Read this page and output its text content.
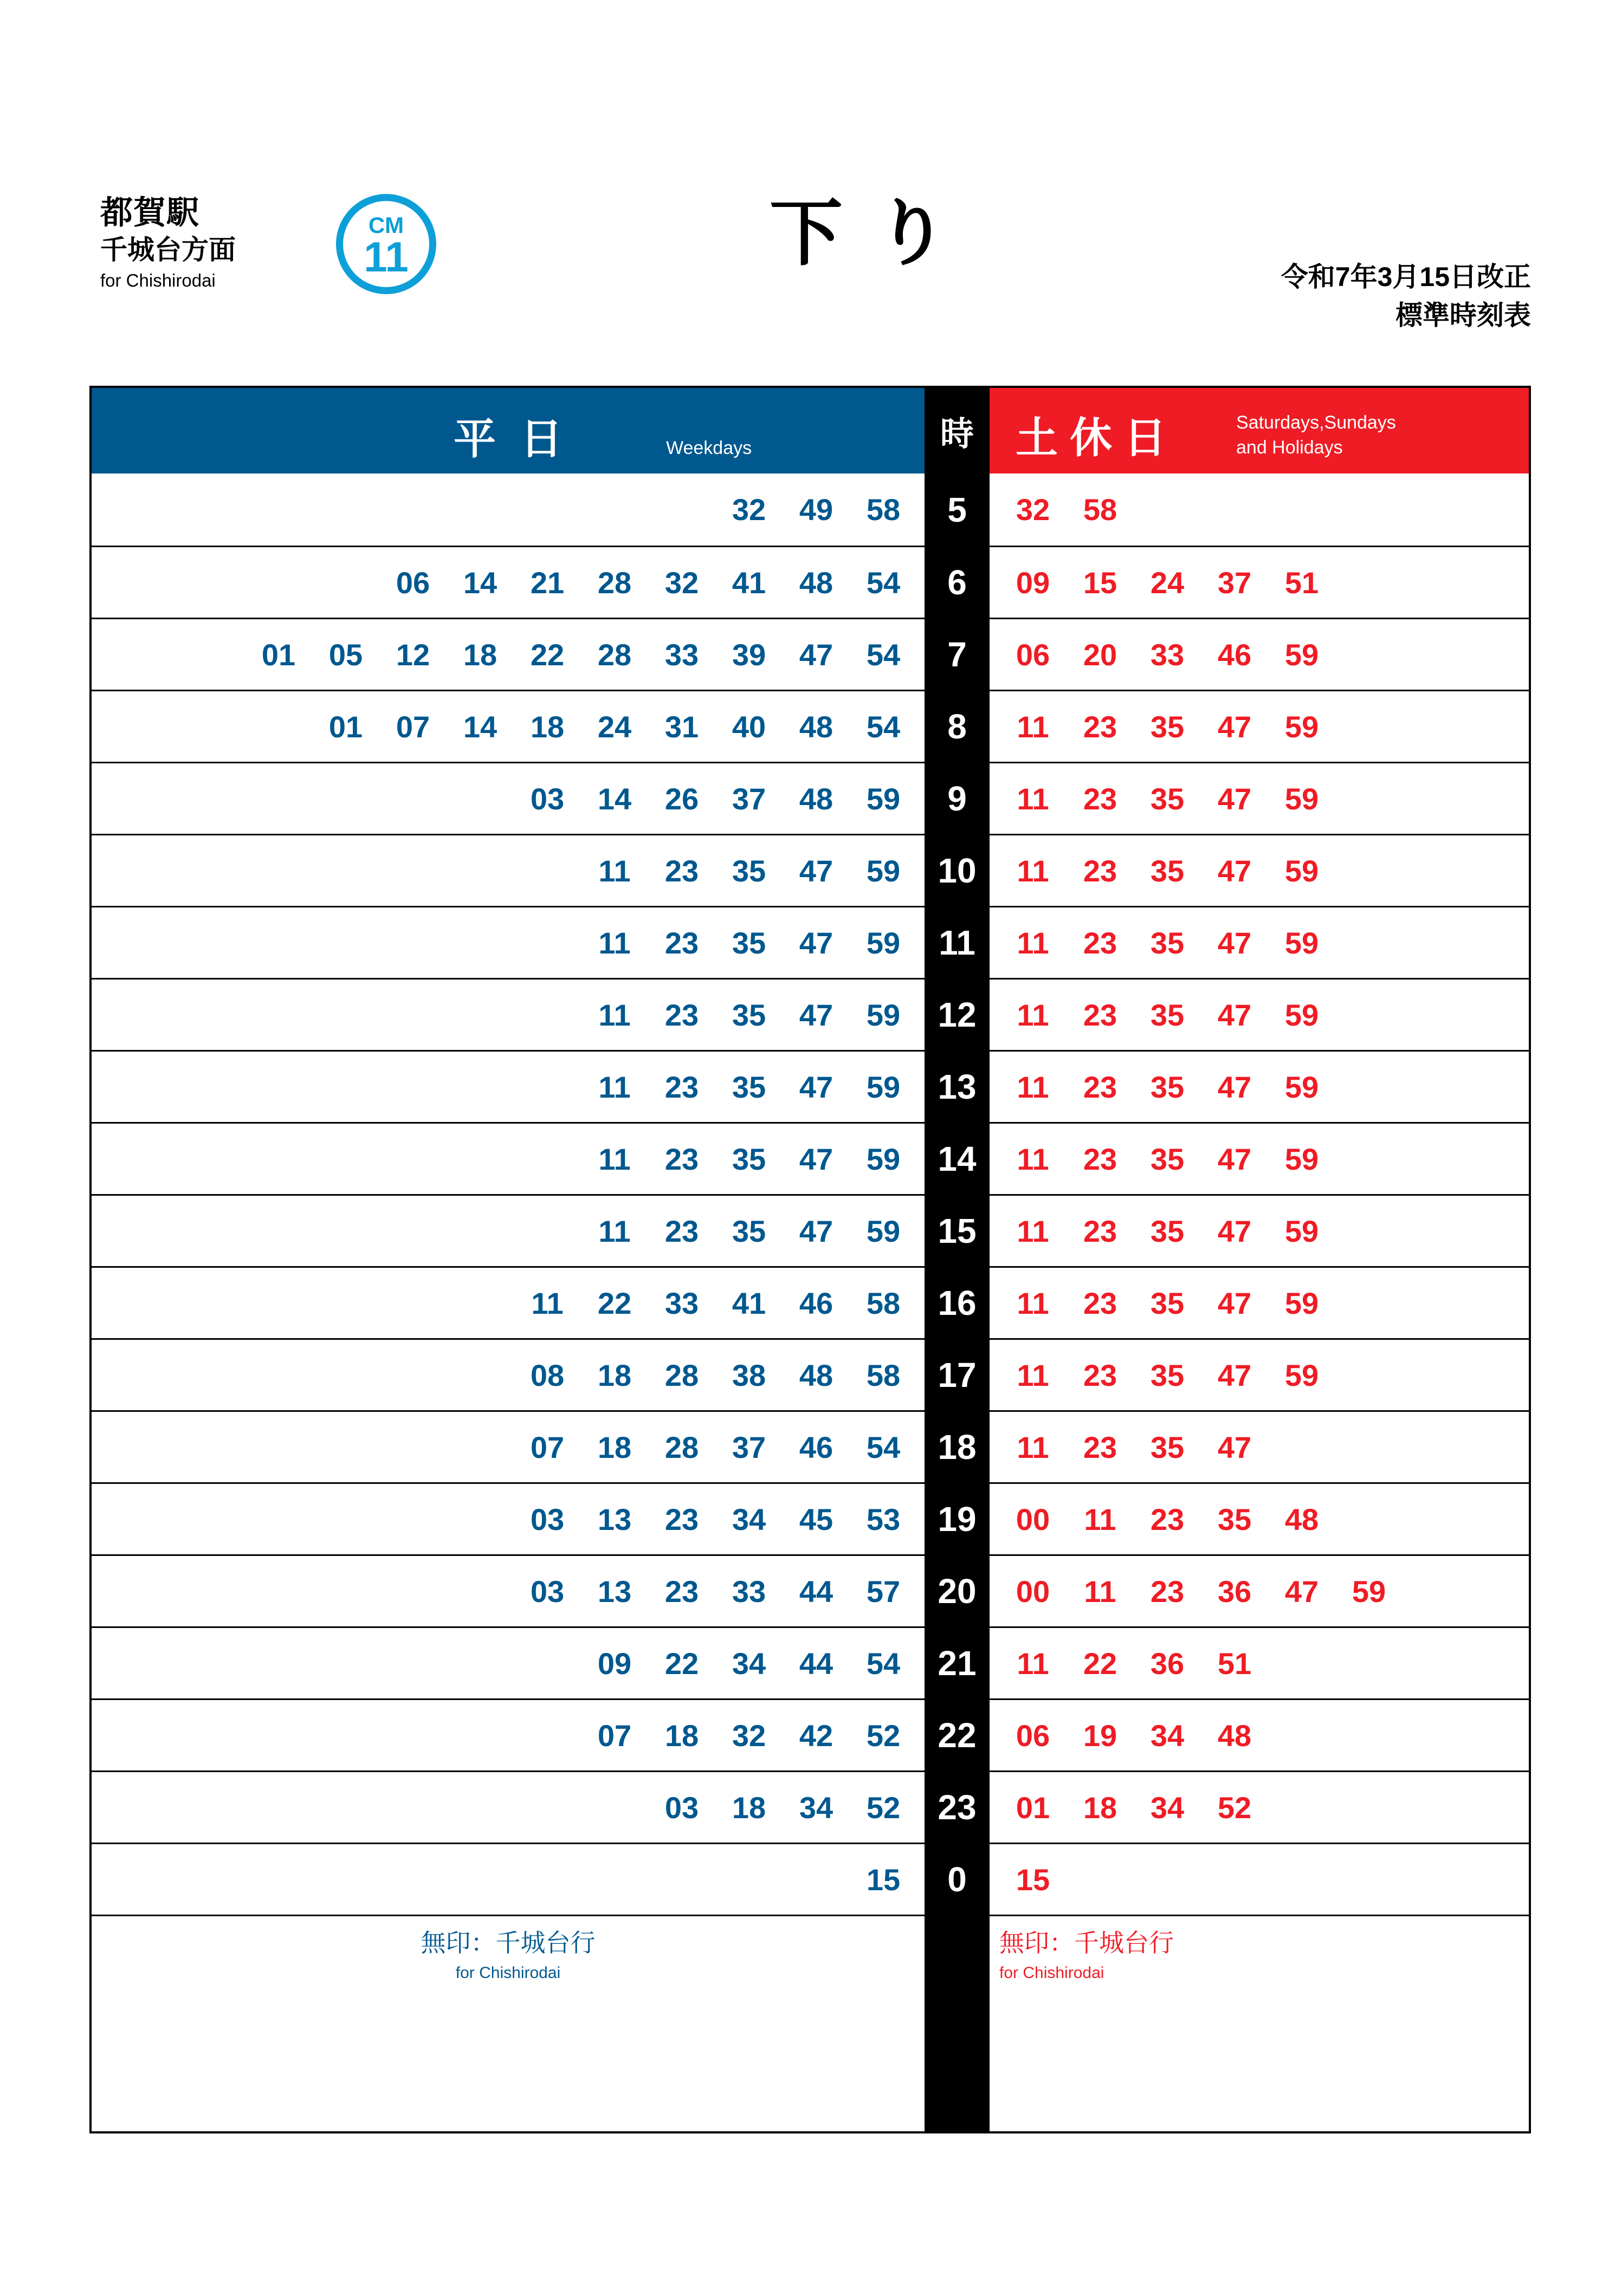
都賀駅
千城台方面
for Chishirodai
CM
11	下り
令和7年3月15日改正
標準時刻表
平日	Weekdays	時 土休日	Saturdays,Sundays
and Holidays
32	49	58	5	32	58
06	14	21	28	32	41	48	54	6	09	15	24	37	51
01	05	12	18	22	28	33	39	47	54	7	06	20	33	46	59
01	07	14	18	24	31	40	48	54	8	11	23	35	47	59
03	14	26	37	48	59	9	11	23	35	47	59
11	23	35	47	59	10	11	23	35	47	59
11	23	35	47	59	11	11	23	35	47	59
11	23	35	47	59	12	11	23	35	47	59
11	23	35	47	59	13	11	23	35	47	59
11	23	35	47	59	14	11	23	35	47	59
11	23	35	47	59	15	11	23	35	47	59
11	22	33	41	46	58	16	11	23	35	47	59
08	18	28	38	48	58	17	11	23	35	47	59
07	18	28	37	46	54	18	11	23	35	47
03	13	23	34	45	53	19	00	11	23	35	48
03	13	23	33	44	57	20	00	11	23	36	47	59
09	22	34	44	54	21	11	22	36	51
07	18	32	42	52	22	06	19	34	48
03	18	34	52	23	01	18	34	52
15	0	15
無印：千城台行
for Chishirodai
無印：千城台行
for Chishirodai
